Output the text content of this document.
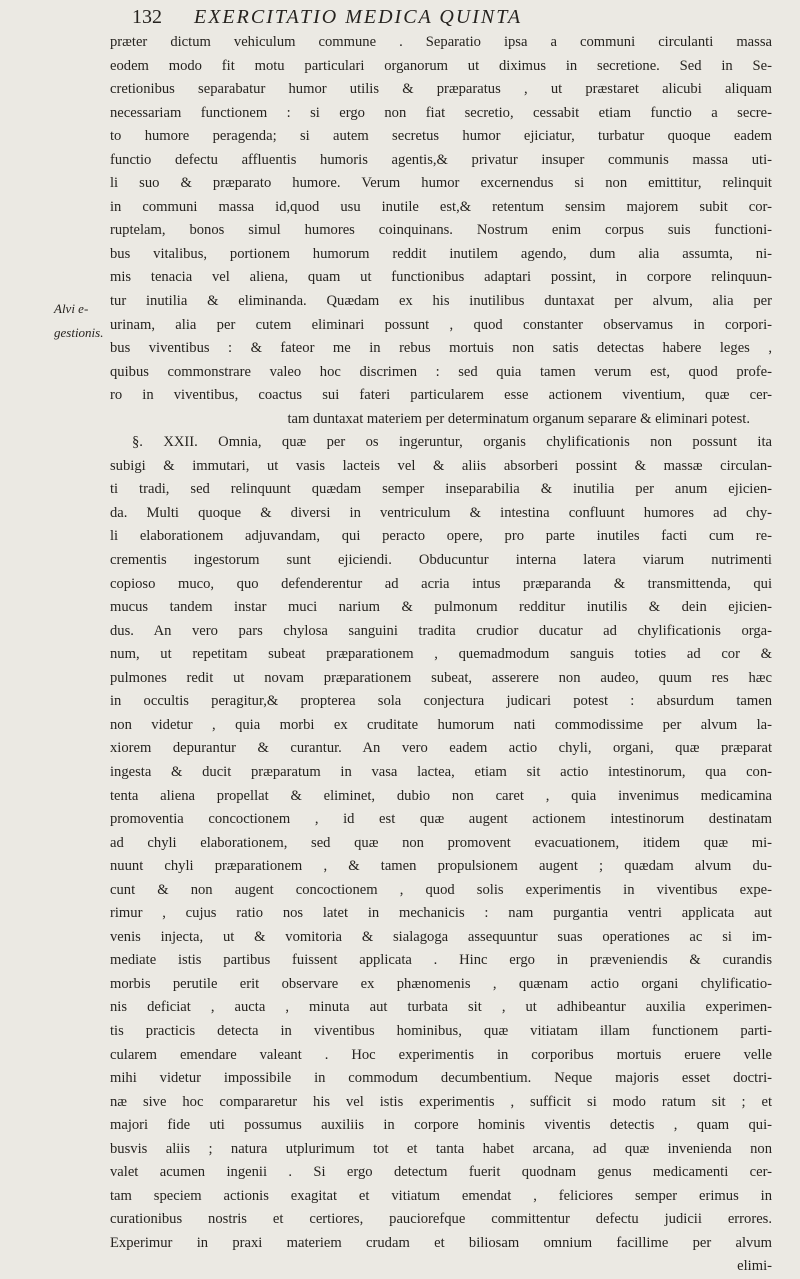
132 EXERCITATIO MEDICA QUINTA
Alvi e-
gestionis.
præter dictum vehiculum commune . Separatio ipsa a communi circulanti massa
eodem modo fit motu particulari organorum ut diximus in secretione. Sed in Se-
cretionibus separabatur humor utilis & præparatus , ut præstaret alicubi aliquam
necessariam functionem : si ergo non fiat secretio, cessabit etiam functio a secre-
to humore peragenda; si autem secretus humor ejiciatur, turbatur quoque eadem
functio defectu affluentis humoris agentis,& privatur insuper communis massa uti-
li suo & præparato humore. Verum humor excernendus si non emittitur, relinquit
in communi massa id,quod usu inutile est,& retentum sensim majorem subit cor-
ruptelam, bonos simul humores coinquinans. Nostrum enim corpus suis functioni-
bus vitalibus, portionem humorum reddit inutilem agendo, dum alia assumta, ni-
mis tenacia vel aliena, quam ut functionibus adaptari possint, in corpore relinquun-
tur inutilia & eliminanda. Quædam ex his inutilibus duntaxat per alvum, alia per
urinam, alia per cutem eliminari possunt , quod constanter observamus in corpori-
bus viventibus : & fateor me in rebus mortuis non satis detectas habere leges ,
quibus commonstrare valeo hoc discrimen : sed quia tamen verum est, quod profe-
ro in viventibus, coactus sui fateri particularem esse actionem viventium, quæ cer-
tam duntaxat materiem per determinatum organum separare & eliminari potest.
§. XXII. Omnia, quæ per os ingeruntur, organis chylificationis non possunt ita
subigi & immutari, ut vasis lacteis vel & aliis absorberi possint & massæ circulan-
ti tradi, sed relinquunt quædam semper inseparabilia & inutilia per anum ejicien-
da. Multi quoque & diversi in ventriculum & intestina confluunt humores ad chy-
li elaborationem adjuvandam, qui peracto opere, pro parte inutiles facti cum re-
crementis ingestorum sunt ejiciendi. Obducuntur interna latera viarum nutrimenti
copioso muco, quo defenderentur ad acria intus præparanda & transmittenda, qui
mucus tandem instar muci narium & pulmonum redditur inutilis & dein ejicien-
dus. An vero pars chylosa sanguini tradita crudior ducatur ad chylificationis orga-
num, ut repetitam subeat præparationem , quemadmodum sanguis toties ad cor &
pulmones redit ut novam præparationem subeat, asserere non audeo, quum res hæc
in occultis peragitur,& propterea sola conjectura judicari potest : absurdum tamen
non videtur , quia morbi ex cruditate humorum nati commodissime per alvum la-
xiorem depurantur & curantur. An vero eadem actio chyli, organi, quæ præparat
ingesta & ducit præparatum in vasa lactea, etiam sit actio intestinorum, qua con-
tenta aliena propellat & eliminet, dubio non caret , quia invenimus medicamina
promoventia concoctionem , id est quæ augent actionem intestinorum destinatam
ad chyli elaborationem, sed quæ non promovent evacuationem, itidem quæ mi-
nuunt chyli præparationem , & tamen propulsionem augent ; quædam alvum du-
cunt & non augent concoctionem , quod solis experimentis in viventibus expe-
rimur , cujus ratio nos latet in mechanicis : nam purgantia ventri applicata aut
venis injecta, ut & vomitoria & sialagoga assequuntur suas operationes ac si im-
mediate istis partibus fuissent applicata . Hinc ergo in præveniendis & curandis
morbis perutile erit observare ex phænomenis , quænam actio organi chylificatio-
nis deficiat , aucta , minuta aut turbata sit , ut adhibeantur auxilia experimen-
tis practicis detecta in viventibus hominibus, quæ vitiatam illam functionem parti-
cularem emendare valeant . Hoc experimentis in corporibus mortuis eruere velle
mihi videtur impossibile in commodum decumbentium. Neque majoris esset doctri-
næ sive hoc compararetur his vel istis experimentis , sufficit si modo ratum sit ; et
majori fide uti possumus auxiliis in corpore hominis viventis detectis , quam qui-
busvis aliis ; natura utplurimum tot et tanta habet arcana, ad quæ invenienda non
valet acumen ingenii . Si ergo detectum fuerit quodnam genus medicamenti cer-
tam speciem actionis exagitat et vitiatum emendat , feliciores semper erimus in
curationibus nostris et certiores, pauciorefque committentur defectu judicii errores.
Experimur in praxi materiem crudam et biliosam omnium facillime per alvum
elimi-
